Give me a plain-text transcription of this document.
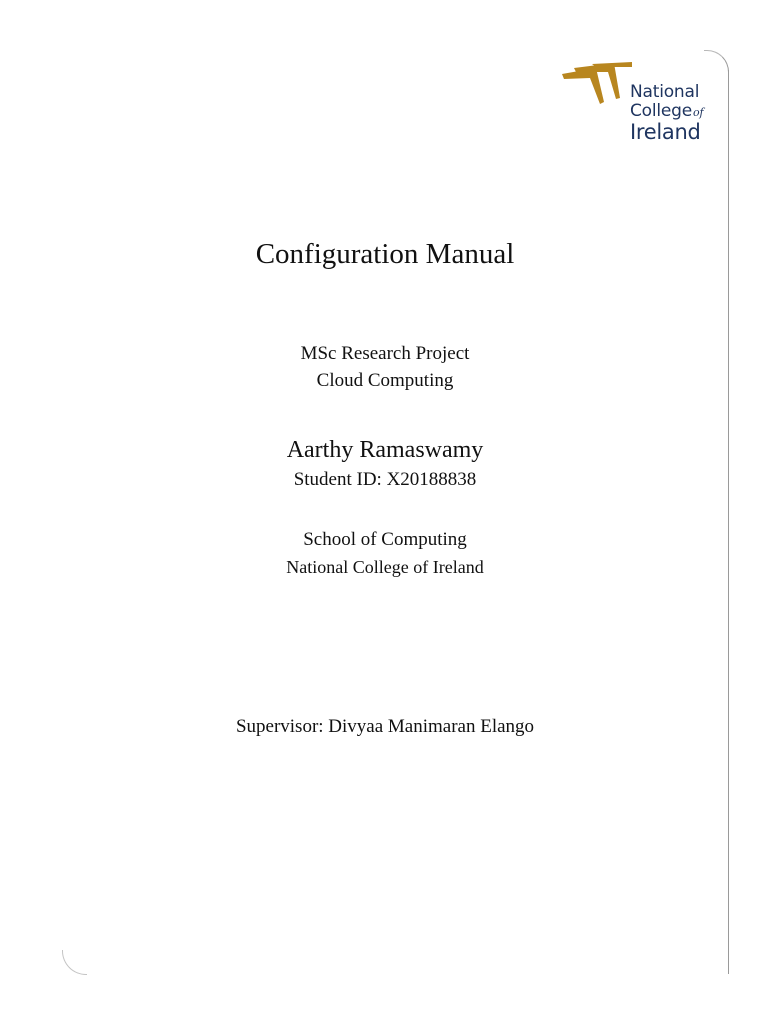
National
Collegeof
Ireland
Configuration Manual
MSc Research Project
Cloud Computing
Aarthy Ramaswamy
Student ID: X20188838
School of Computing
National College of Ireland
Supervisor: Divyaa Manimaran Elango
